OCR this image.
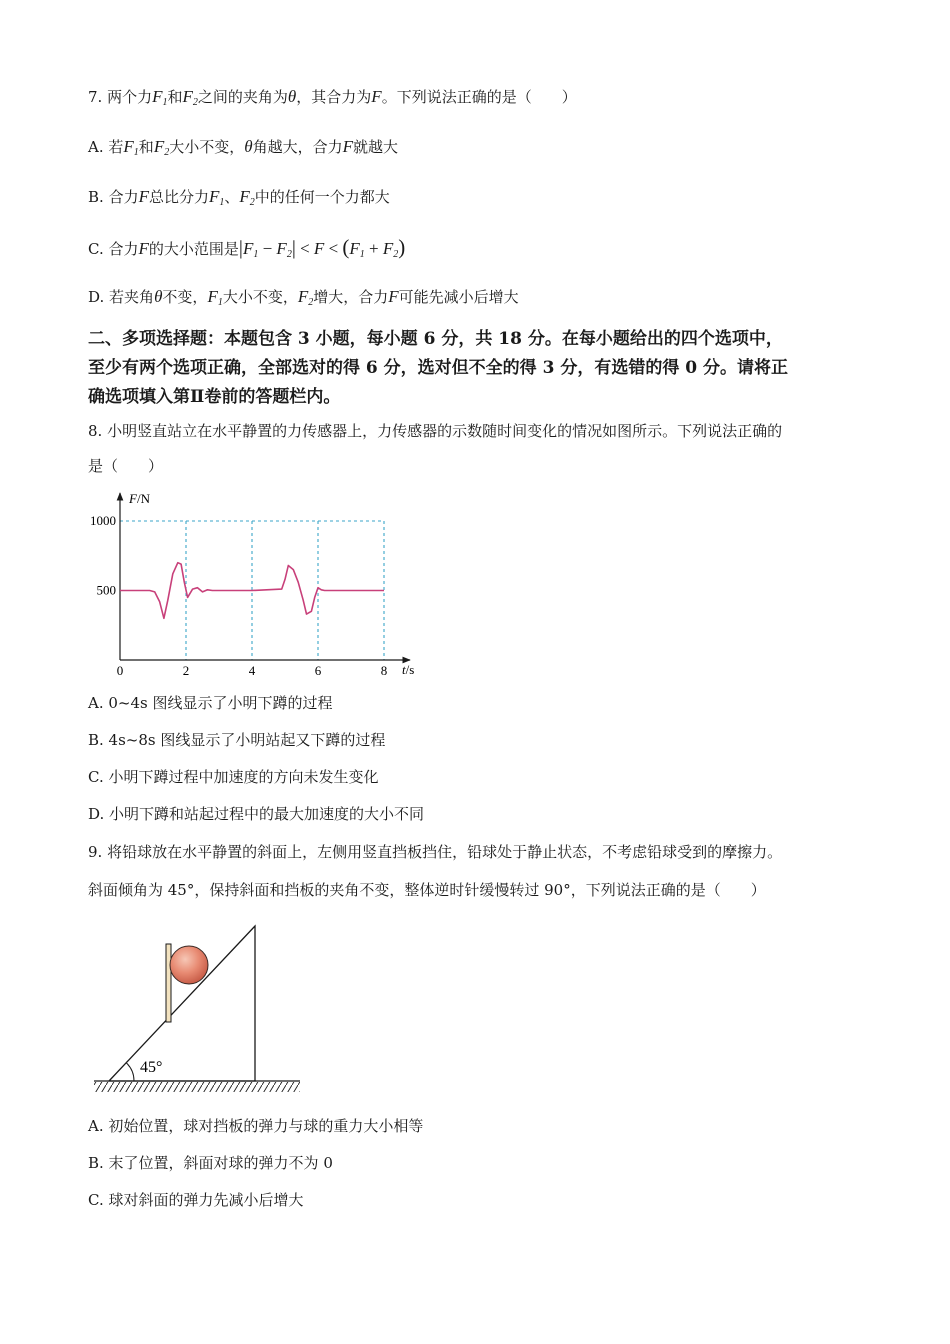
7. 两个力$F_1$和$F_2$之间的夹角为θ，其合力为F。下列说法正确的是（　　）
A. 若$F_1$和$F_2$大小不变，θ角越大，合力F就越大
B. 合力F总比分力$F_1$、$F_2$中的任何一个力都大
C. 合力F的大小范围是$|F_1 - F_2| < F < (F_1 + F_2)$
D. 若夹角θ不变，$F_1$大小不变，$F_2$增大，合力F可能先减小后增大
二、多项选择题：本题包含 3 小题，每小题 6 分，共 18 分。在每小题给出的四个选项中，
至少有两个选项正确，全部选对的得 6 分，选对但不全的得 3 分，有选错的得 0 分。请将正
确选项填入第Ⅱ卷前的答题栏内。
8. 小明竖直站立在水平静置的力传感器上，力传感器的示数随时间变化的情况如图所示。下列说法正确的
是（　　）
0	2	4	6	8
500
1000
F/N
t/s
A. 0~4s 图线显示了小明下蹲的过程
B. 4s~8s 图线显示了小明站起又下蹲的过程
C. 小明下蹲过程中加速度的方向未发生变化
D. 小明下蹲和站起过程中的最大加速度的大小不同
9. 将铅球放在水平静置的斜面上，左侧用竖直挡板挡住，铅球处于静止状态，不考虑铅球受到的摩擦力。
斜面倾角为 45°，保持斜面和挡板的夹角不变，整体逆时针缓慢转过 90°，下列说法正确的是（　　）
45°
A. 初始位置，球对挡板的弹力与球的重力大小相等
B. 末了位置，斜面对球的弹力不为 0
C. 球对斜面的弹力先减小后增大
